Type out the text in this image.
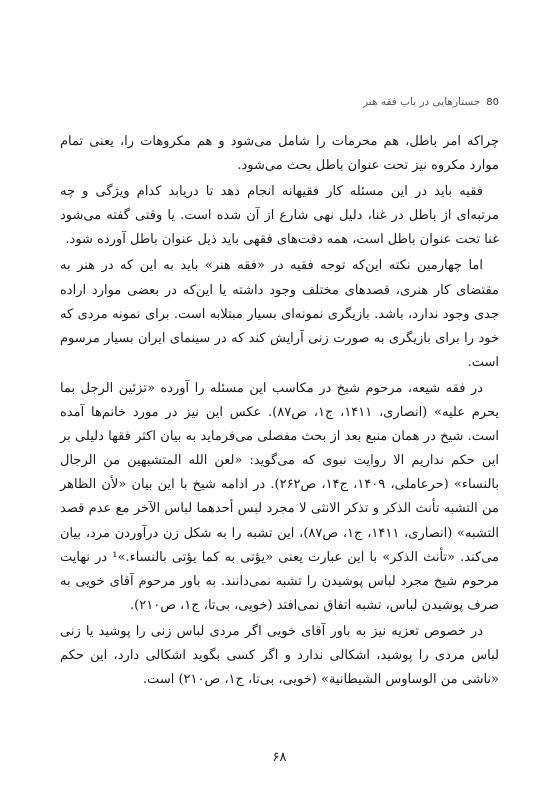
80
جستارهایی در باب فقه هنر

چراکه امر باطل، هم محرمات را شامل می‌شود و هم مکروهات را، یعنی تمام موارد مکروه نیز تحت عنوان باطل بحث می‌شود.

فقیه باید در این مسئله کار فقیهانه انجام دهد تا دریابد کدام ویژگی و چه مرتبه‌ای از باطل در غنا، دلیل نهی شارع از آن شده است. یا وقتی گفته می‌شود غنا تحت عنوان باطل است، همه دقت‌های فقهی باید ذیل عنوان باطل آورده شود.

اما چهارمین نکته این‌که توجه فقیه در «فقه هنر» باید به این که در هنر به مقتضای کار هنری، قصدهای مختلف وجود داشته یا این‌که در بعضی موارد اراده جدی وجود ندارد، باشد. بازیگری نمونه‌ای بسیار مبتلابه است. برای نمونه مردی که خود را برای بازیگری به صورت زنی آرایش کند که در سینمای ایران بسیار مرسوم است.

در فقه شیعه، مرحوم شیخ در مکاسب این مسئله را آورده «تزئین الرجل بما یحرم علیه» (انصاری، ۱۴۱۱، ج۱، ص۸۷). عکس این نیز در مورد خانم‌ها آمده است. شیخ در همان منبع بعد از بحث مفصلی می‌فرماید به بیان اکثر فقها دلیلی بر این حکم نداریم الا روایت نبوی که می‌گوید: «لعن الله المتشبهین من الرجال بالنساء» (حرعاملی، ۱۴۰۹، ج۱۴، ص۲۶۲). در ادامه شیخ با این بیان «لأن الظاهر من التشبه تأنث الذکر و تذکر الانثی لا مجرد لبس أحدهما لباس الآخر مع عدم قصد التشبه» (انصاری، ۱۴۱۱، ج۱، ص۸۷)، این تشبه را به شکل زن درآوردن مرد، بیان می‌کند. «تأنث الذکر» با این عبارت یعنی «یؤتی به کما یؤتی بالنساء.»¹ در نهایت مرحوم شیخ مجرد لباس پوشیدن را تشبه نمی‌دانند. به باور مرحوم آقای خویی به صرف پوشیدن لباس، تشبه اتفاق نمی‌افتد (خویی، بی‌تا، ج۱، ص۲۱۰).

در خصوص تعزیه نیز به باور آقای خویی اگر مردی لباس زنی را پوشید یا زنی لباس مردی را پوشید، اشکالی ندارد و اگر کسی بگوید اشکالی دارد، این حکم «ناشی من الوساوس الشیطانیة» (خویی، بی‌تا، ج۱، ص۲۱۰) است.

۶۸
